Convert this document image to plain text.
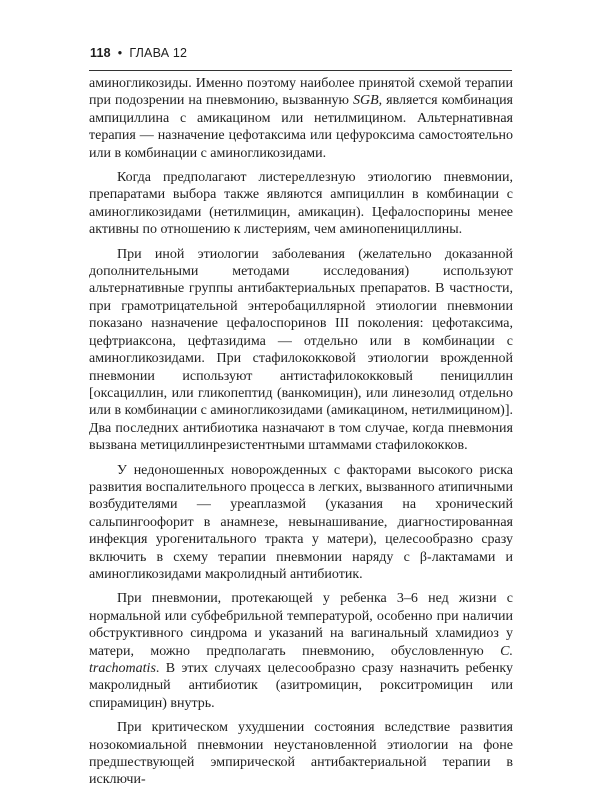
118 • ГЛАВА 12

аминогликозиды. Именно поэтому наиболее принятой схемой терапии при подозрении на пневмонию, вызванную SGB, является комбинация ампициллина с амикацином или нетилмицином. Альтернативная терапия — назначение цефотаксима или цефуроксима самостоятельно или в комбинации с аминогликозидами.

Когда предполагают листереллезную этиологию пневмонии, препаратами выбора также являются ампициллин в комбинации с аминогликозидами (нетилмицин, амикацин). Цефалоспорины менее активны по отношению к листериям, чем аминопенициллины.

При иной этиологии заболевания (желательно доказанной дополнительными методами исследования) используют альтернативные группы антибактериальных препаратов. В частности, при грамотрицательной энтеробациллярной этиологии пневмонии показано назначение цефалоспоринов III поколения: цефотаксима, цефтриаксона, цефтазидима — отдельно или в комбинации с аминогликозидами. При стафилококковой этиологии врожденной пневмонии используют антистафилококковый пенициллин [оксациллин, или гликопептид (ванкомицин), или линезолид отдельно или в комбинации с аминогликозидами (амикацином, нетилмицином)]. Два последних антибиотика назначают в том случае, когда пневмония вызвана метициллинрезистентными штаммами стафилококков.

У недоношенных новорожденных с факторами высокого риска развития воспалительного процесса в легких, вызванного атипичными возбудителями — уреаплазмой (указания на хронический сальпингоофорит в анамнезе, невынашивание, диагностированная инфекция урогенитального тракта у матери), целесообразно сразу включить в схему терапии пневмонии наряду с β-лактамами и аминогликозидами макролидный антибиотик.

При пневмонии, протекающей у ребенка 3–6 нед жизни с нормальной или субфебрильной температурой, особенно при наличии обструктивного синдрома и указаний на вагинальный хламидиоз у матери, можно предполагать пневмонию, обусловленную C. trachomatis. В этих случаях целесообразно сразу назначить ребенку макролидный антибиотик (азитромицин, рокситромицин или спирамицин) внутрь.

При критическом ухудшении состояния вследствие развития нозокомиальной пневмонии неустановленной этиологии на фоне предшествующей эмпирической антибактериальной терапии в исключи-
